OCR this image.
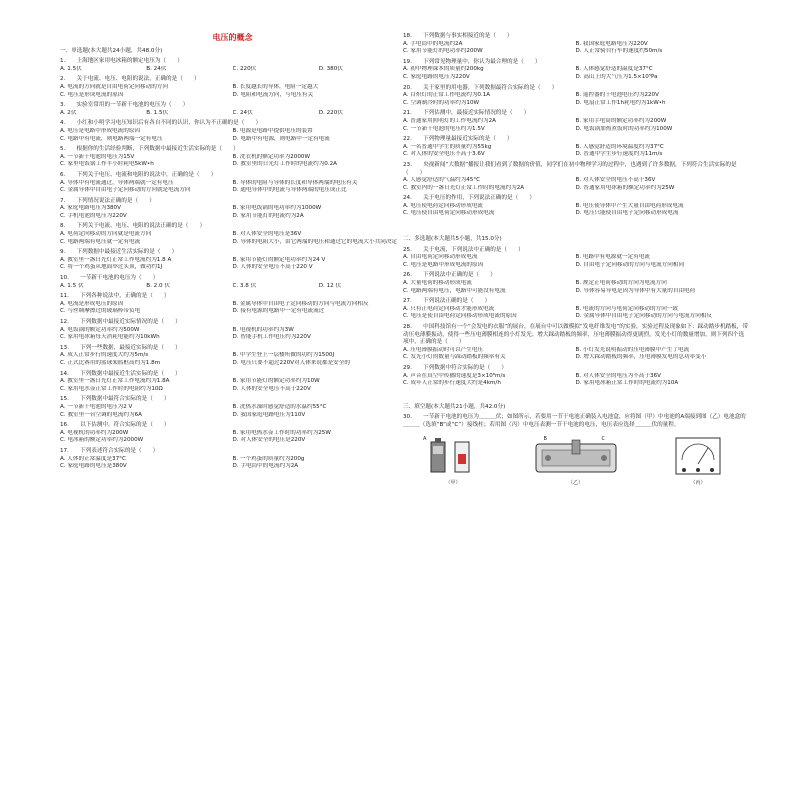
电压的概念
一、单选题(本大题共24小题，共48.0分)
1.　　上海地区家用电冰箱的额定电压为（　　）
A. 1.5伏	B. 24伏	C. 220伏	D. 380伏
2.　　关于电流、电压、电阻的说法，正确的是（　　）
A. 电流的方向就是自由电荷定向移动的方向	B. 长度越长的导体，电阻一定越大
C. 电压是形成电流的原因	D. 电阻和电流方向，与电压有关
3.　　实验室常用的一节新干电池的电压为（　　）
A. 2伏	B. 1.5伏	C. 24伏	D. 220伏
4.　　小红和小明学习电压知识后有各自不同的认识，你认为不正确的是（　　）
A. 电压是电路中形成电流的原因	B. 电源是电路中提供电压的装置
C. 电路中有电流，则电路两端一定有电压	D. 电路中有电源，则电路中一定有电流
5.　　根据你的生活经验判断，下列数据中最接近生活实际的是（　　）
A. 一节新干电池的电压为15V	B. 洗衣机的额定功率为2000W
C. 家里电饭锅工作半小时耗电5kW•h	D. 教室里的日光灯工作时的电流约为0.2A
6.　　下列关于电压、电流和电阻的说法中，正确的是（　　）
A. 导体中有电流通过，导体两端就一定有电压	B. 导体的电阻与导体的长度和导体两端的电压有关
C. 金属导体中自由电子定向移动的方向就是电流方向	D. 通电导体中的电流与导体两端的电压成正比
7.　　下列情况说法正确的是（　　）
A. 家庭电路电压为380V	B. 家用电饭锅的电功率约为1000W
C. 手机电池的电压为220V	D. 家用节能灯的电流约为2A
8.　　下列关于电流、电压、电阻的说法正确的是（　　）
A. 电荷定向移动的方向就是电流方向	B. 对人体安全的电压是36V
C. 电路两端有电压就一定有电流	D. 导体的电阻大小，由它两端的电压和通过它的电流大小共同决定
9.　　下列数据中最接近生活实际的是（　　）
A. 教室里一盏日光灯正常工作电流约为1.8 A	B. 家用节能灯的额定电功率约为24 V
C. 将一个鸡蛋从地面举过头顶，做功约1J	D. 人体的安全电压不高于220 V
10.　　一节新干电池的电压为（　　）
A. 1.5 伏	B. 2.0 伏	C. 3.8 伏	D. 12 伏
11.　　下列各种说法中，正确的是（　　）
A. 电流是形成电压的原因	B. 金属导体中自由电子定向移动的方向与电流方向相反
C. 与丝绸摩擦过的玻璃棒带负电	D. 接有电源的电路中一定有电流流过
12.　　下列数据中最接近实际情况的是（　　）
A. 电饭锅的额定功率约为500W	B. 电视机的功率约为3W
C. 家用电冰箱每天消耗电能约为10kWh	D. 智能手机工作电压约为220V
13.　　下列一些数据，最接近实际的是（　　）
A. 成人正常步行的速度大约为5m/s	B. 中学生登上一层楼所做的功约为1500J
C. 正式比赛用的篮球架篮框高约为1.8m	D. 电压只要不超过220V对人体来说都是安全的
14.　　下列数据中最接近生活实际的是（　　）
A. 教室里一盏日光灯正常工作电流约为1.8A	B. 家用节能灯的额定功率约为10W
C. 家用电水壶正常工作时的电阻约为10Ω	D. 人体的安全电压不高于220V
15.　　下列数据中最符合实际的是（　　）
A. 一节新干电池的电压为2 V	B. 洗热水澡时感觉舒适的水温约55°C
C. 教室里一台空调的电流约为6A	D. 我国家庭电路电压为110V
16.　　以下估测中，符合实际的是（　　）
A. 电视机的功率约为200W	B. 家用电热水壶工作时的功率约为25W
C. 电冰箱的额定功率约为2000W	D. 对人体安全的电压是220V
17.　　下列表述符合实际的是（　　）
A. 人体的正常温度是37°C	B. 一个鸡蛋的质量约为200g
C. 家庭电路的电压是380V	D. 手电筒中的电流约为2A
18.　　下列数据与事实相接近的是（　　）
A. 手电筒中的电流约2A	B. 我国家庭电路电压为220V
C. 家用节能灯的电功率约200W	D. 人正常骑自行车的速度约50m/s
19.　　下列常见物理量中，你认为最合理的是（　　）
A. 初中物理课本的质量约200kg	B. 人体感觉舒适的温度是37°C
C. 家庭电路的电压为220V	D. 高山上的大气压为1.5×10⁵Pa
20.　　关于家里的用电器，下列数据最符合实际的是（　　）
A. 白炽灯的正常工作电流约为0.1A	B. 遥控器的干电池电压约为220V
C. 空调制冷时的功率约为10W	D. 电扇正常工作1h耗电约为1kW•h
21.　　下列估测中，最接近实际情况的是（　　）
A. 普通家用照明灯的工作电流约为2A	B. 家用手电筒的额定功率约为200W
C. 一节新干电池的电压约为1.5V	D. 电饭锅加热煮饭时的功率约为100W
22.　　下列物理量最接近实际的是（　　）
A. 一名普通中学生的质量约为55kg	B. 人感觉舒适的环境温度约为37°C
C. 对人体的安全电压不高于3.6V	D. 普通中学生步行速度约为11m/s
23.　　央视新闻“大数据”播报让我们看到了数据的价值，同学们在初中物理学习的过程中，也遇到了许多数据，下列符合生活实际的是（　　）
A. 人感觉舒适的气温约为45°C	B. 对人体安全的电压不高于36V
C. 教室内的一盏日光灯正常工作时的电流约为2A	D. 普通家用电冰箱的额定功率约为25W
24.　　关于电压的作用，下列说法正确的是（　　）
A. 电压使电荷定向移动形成电流	B. 电压使导体中产生大量自由电荷形成电流
C. 电压使自由电荷定向移动形成电流	D. 电压只能使自由电子定向移动形成电流
二、多选题(本大题共5小题，共15.0分)
25.　　关于电流，下列说法中正确的是（　　）
A. 自由电荷定向移动形成电流	B. 电路中有电源就一定有电流
C. 电压是电路中形成电流的原因	D. 自由电子定向移动的方向与电流方向相同
26.　　下列说法中正确的是（　　）
A. 大量电荷的移动形成电流	B. 规定正电荷移动的方向为电流方向
C. 电路两端有电压，电路中可能没有电流	D. 导体容易导电是因为导体中有大量的自由电荷
27.　　下列说法正确的是（　　）
A. 只有正电荷定向移动才能形成电流	B. 电流的方向与电荷定向移动的方向一致
C. 电压是使自由电荷定向移动形成电流的原因	D. 金属导体中自由电子定向移动的方向与电流方向相反
28.　　中国科技馆有一个“会发电的衣服”的展台，在展台中可以做模拟“发电纤维发电”的实验，实验过程及现象如下：踩动踏步机踏板，带动压电薄膜振动，使得一些压电薄膜相连的小灯发光；增大踩动踏板的频率，压电薄膜振动得更剧烈，发光小灯的数量增加，则下列四个选项中，正确的是（　　）
A. 压电薄膜振动时可以产生电压	B. 小灯发光说明振动的压电薄膜中产生了电流
C. 发光小灯的数量与踩动踏板的频率有关	D. 增大踩动踏板的频率，压电薄膜发电的总功率变小
29.　　下列数据中符合实际的是（　　）
A. 声音在真空中传播的速度是3×10⁸m/s	B. 对人体安全的电压为不高于36V
C. 成年人正常的步行速度大约是4km/h	D. 家用电冰箱正常工作时的电流约为10A
三、填空题(本大题共21小题，共42.0分)
30.　　一节新干电池的电压为＿＿＿伏；如图所示，若要用一节干电池正确装入电池盒，应将图（甲）中电池的A端接到图（乙）电池盒的＿＿＿（选填“B”或“C”）接线柱；若用图（丙）中电压表测一节干电池的电压，电压表应选择＿＿＿伏的量程。
A
（甲）
B	C
（乙）	（丙）
